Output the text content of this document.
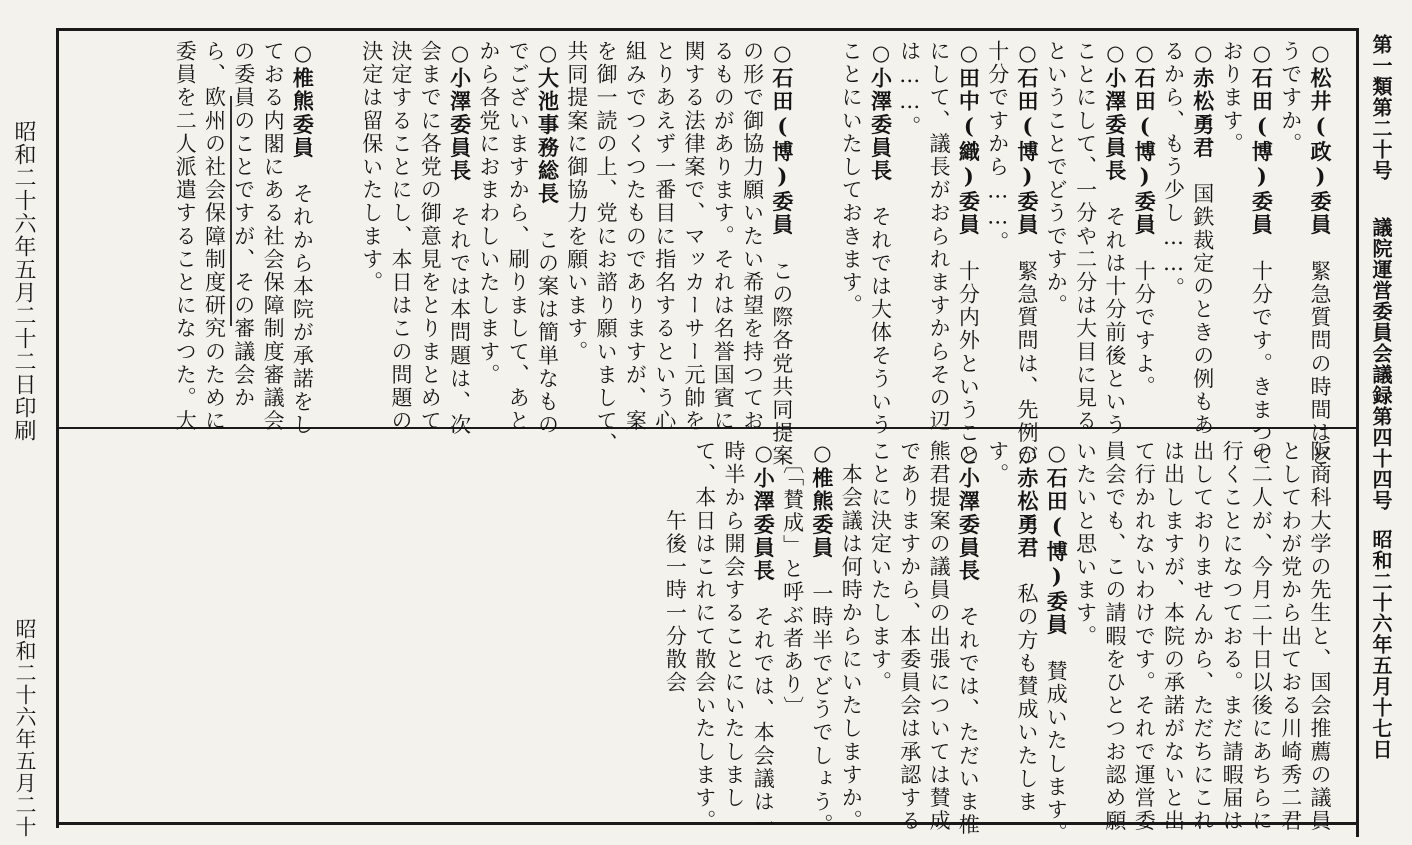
昭和二十六年五月二十二日印刷
昭和二十六年五月二十
第一類第二十号議院運営委員会議録第四十四号昭和二十六年五月十七日
○松井(政)委員　緊急質問の時間はど
うですか。
○石田(博)委員　十分です。きまつて
おります。
○赤松勇君　国鉄裁定のときの例もあ
るから、もう少し……。
○石田(博)委員　十分ですよ。
○小澤委員長　それは十分前後という
ことにして、一分や二分は大目に見る
ということでどうですか。
○石田(博)委員　緊急質問は、先例が
十分ですから……。
○田中(織)委員　十分内外ということ
にして、議長がおられますからその辺
は……。
○小澤委員長　それでは大体そういう
ことにいたしておきます。
○石田(博)委員　この際各党共同提案
の形で御協力願いたい希望を持つてお
るものがあります。それは名誉国賓に
関する法律案で、マッカーサー元帥を
とりあえず一番目に指名するという心
組みでつくつたものでありますが、案
を御一読の上、党にお諮り願いまして、
共同提案に御協力を願います。
○大池事務総長　この案は簡単なもの
でございますから、刷りまして、あと
から各党におまわしいたします。
○小澤委員長　それでは本問題は、次
会までに各党の御意見をとりまとめて
決定することにし、本日はこの問題の
決定は留保いたします。
○椎熊委員　それから本院が承諾をし
ておる内閣にある社会保障制度審議会
の委員のことですが、その審議会か
ら、欧州の社会保障制度研究のために
委員を二人派遣することになつた。大
阪商科大学の先生と、国会推薦の議員
としてわが党から出ておる川崎秀二君
の二人が、今月二十日以後にあちらに
行くことになつておる。まだ請暇届は
出しておりませんから、ただちにこれ
は出しますが、本院の承諾がないと出
て行かれないわけです。それで運営委
員会でも、この請暇をひとつお認め願
いたいと思います。
○石田(博)委員　賛成いたします。
○赤松勇君　私の方も賛成いたしま
す。
○小澤委員長　それでは、ただいま椎
熊君提案の議員の出張については賛成
でありますから、本委員会は承認する
ことに決定いたします。
　本会議は何時からにいたしますか。
○椎熊委員　一時半でどうでしょう。
　〔「賛成」と呼ぶ者あり〕
○小澤委員長　それでは、本会議は一
時半から開会することにいたしまし
て、本日はこれにて散会いたします。
　　　午後一時一分散会
